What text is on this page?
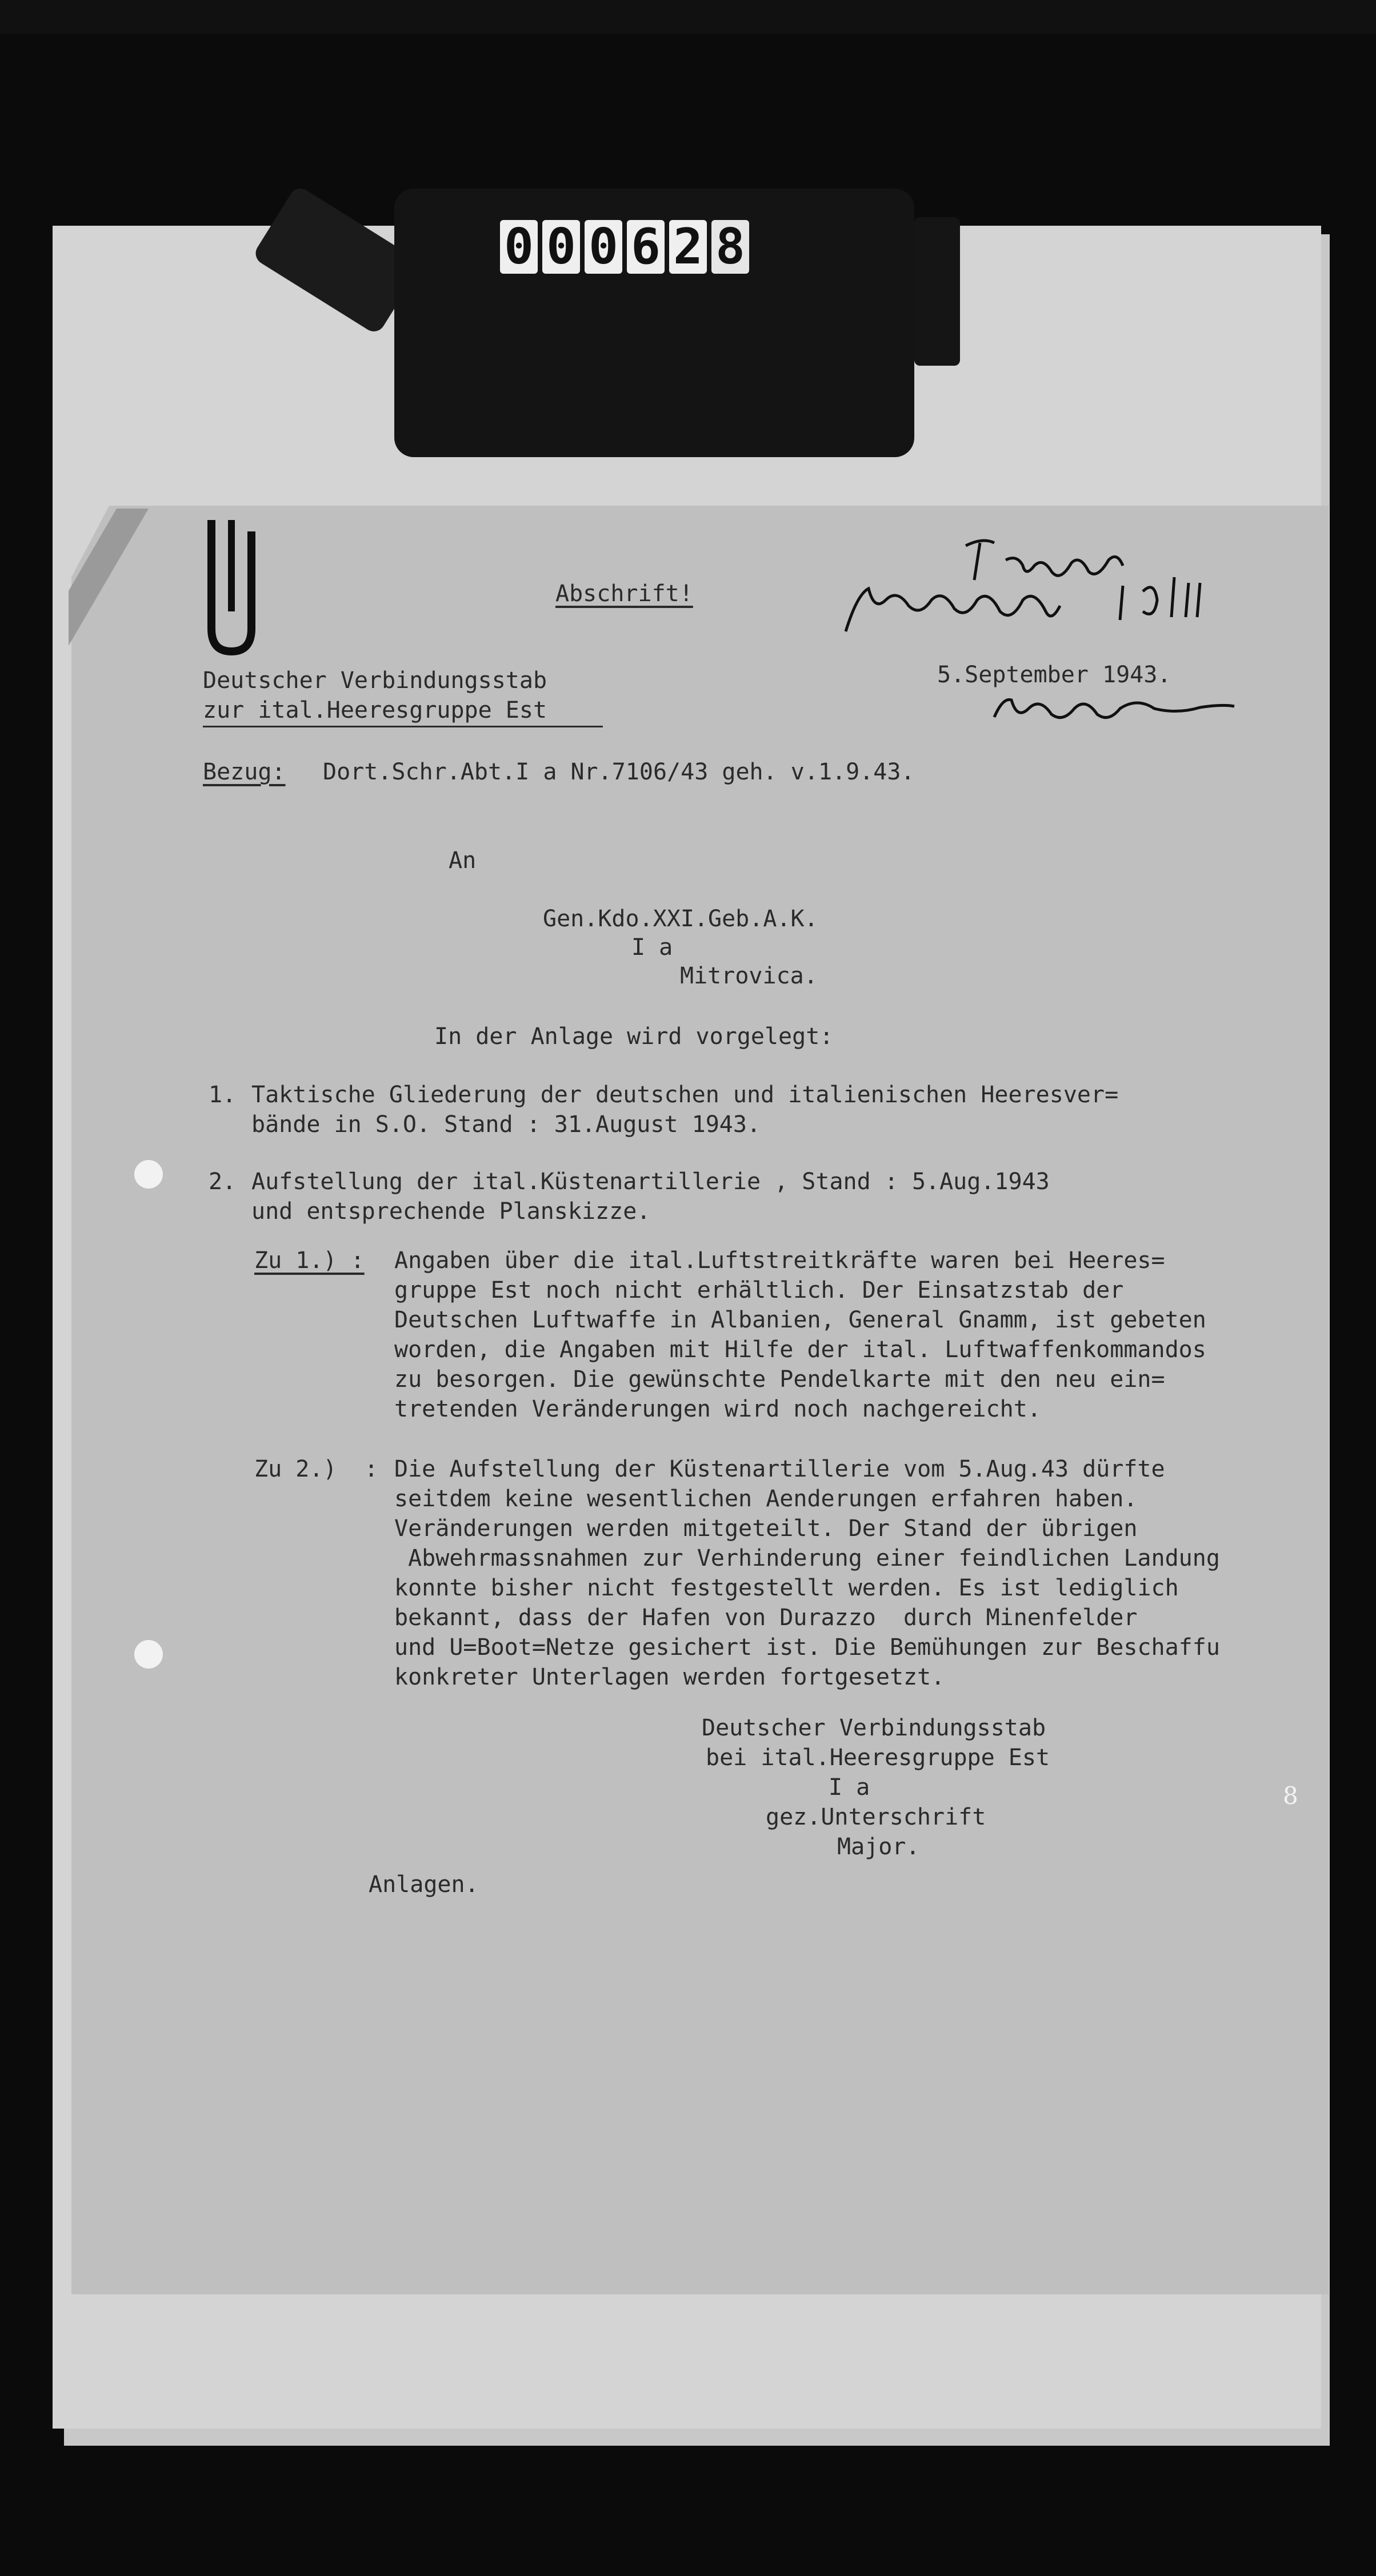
0 0 0 6 2 8
Abschrift!
Deutscher Verbindungsstab
zur ital.Heeresgruppe Est
5.September 1943.
Bezug: Dort.Schr.Abt.I a Nr.7106/43 geh. v.1.9.43.
An
Gen.Kdo.XXI.Geb.A.K.
I a
Mitrovica.
In der Anlage wird vorgelegt:
1. Taktische Gliederung der deutschen und italienischen Heeresver=
bände in S.O. Stand : 31.August 1943.
2. Aufstellung der ital.Küstenartillerie , Stand : 5.Aug.1943
und entsprechende Planskizze.
Zu 1.) : Angaben über die ital.Luftstreitkräfte waren bei Heeres=
gruppe Est noch nicht erhältlich. Der Einsatzstab der
Deutschen Luftwaffe in Albanien, General Gnamm, ist gebeten
worden, die Angaben mit Hilfe der ital. Luftwaffenkommandos
zu besorgen. Die gewünschte Pendelkarte mit den neu ein=
tretenden Veränderungen wird noch nachgereicht.
Zu 2.)  : Die Aufstellung der Küstenartillerie vom 5.Aug.43 dürfte
seitdem keine wesentlichen Aenderungen erfahren haben.
Veränderungen werden mitgeteilt. Der Stand der übrigen
Abwehrmassnahmen zur Verhinderung einer feindlichen Landung
konnte bisher nicht festgestellt werden. Es ist lediglich
bekannt, dass der Hafen von Durazzo  durch Minenfelder
und U=Boot=Netze gesichert ist. Die Bemühungen zur Beschaffu
konkreter Unterlagen werden fortgesetzt.
Deutscher Verbindungsstab
bei ital.Heeresgruppe Est
I a
gez.Unterschrift
Major.
Anlagen.
8
